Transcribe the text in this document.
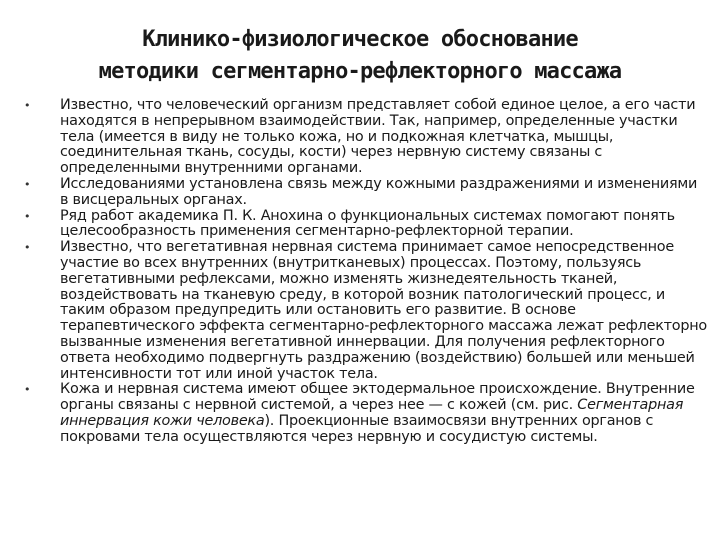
Клинико-физиологическое обоснование
методики сегментарно-рефлекторного массажа
• Известно, что человеческий организм представляет собой единое целое, а его части находятся в непрерывном взаимодействии. Так, например, определенные участки тела (имеется в виду не только кожа, но и подкожная клетчатка, мышцы, соединительная ткань, сосуды, кости) через нервную систему связаны с определенными внутренними органами.
• Исследованиями установлена связь между кожными раздражениями и изменениями в висцеральных органах.
• Ряд работ академика П. К. Анохина о функциональных системах помогают понять целесообразность применения сегментарно-рефлекторной терапии.
• Известно, что вегетативная нервная система принимает самое непосредственное участие во всех внутренних (внутритканевых) процессах. Поэтому, пользуясь вегетативными рефлексами, можно изменять жизнедеятельность тканей, воздействовать на тканевую среду, в которой возник патологический процесс, и таким образом предупредить или остановить его развитие. В основе терапевтического эффекта сегментарно-рефлекторного массажа лежат рефлекторно вызванные изменения вегетативной иннервации. Для получения рефлекторного ответа необходимо подвергнуть раздражению (воздействию) большей или меньшей интенсивности тот или иной участок тела.
• Кожа и нервная система имеют общее эктодермальное происхождение. Внутренние органы связаны с нервной системой, а через нее — с кожей (см. рис. Сегментарная иннервация кожи человека). Проекционные взаимосвязи внутренних органов с покровами тела осуществляются через нервную и сосудистую системы.
